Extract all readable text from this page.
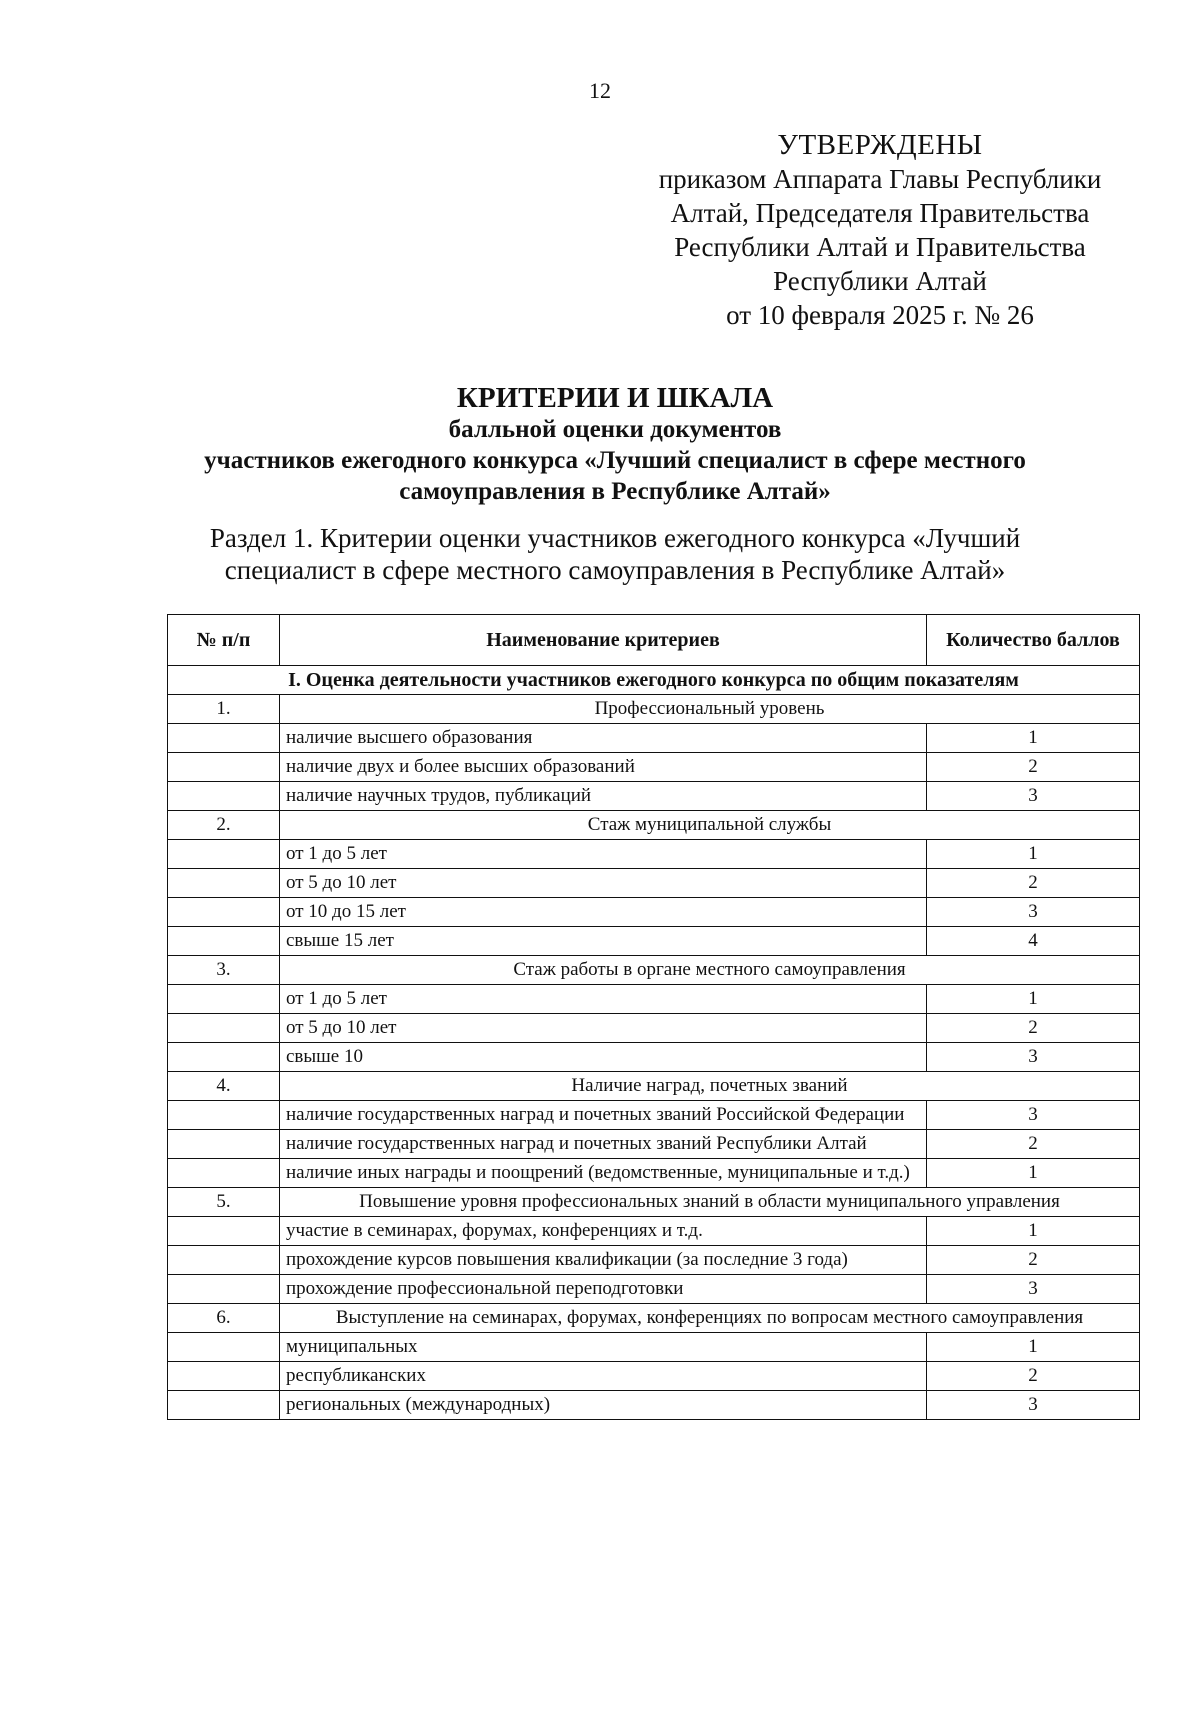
12
УТВЕРЖДЕНЫ
приказом Аппарата Главы Республики
Алтай, Председателя Правительства
Республики Алтай и Правительства
Республики Алтай
от 10 февраля 2025 г. № 26
КРИТЕРИИ И ШКАЛА
балльной оценки документов
участников ежегодного конкурса «Лучший специалист в сфере местного
самоуправления в Республике Алтай»
Раздел 1. Критерии оценки участников ежегодного конкурса «Лучший
специалист в сфере местного самоуправления в Республике Алтай»
№ п/п	Наименование критериев	Количество баллов
I. Оценка деятельности участников ежегодного конкурса по общим показателям		
1.	Профессиональный уровень	
	наличие высшего образования	1
	наличие двух и более высших образований	2
	наличие научных трудов, публикаций	3
2.	Стаж муниципальной службы	
	от 1 до 5 лет	1
	от 5 до 10 лет	2
	от 10 до 15 лет	3
	свыше 15 лет	4
3.	Стаж работы в органе местного самоуправления	
	от 1 до 5 лет	1
	от 5 до 10 лет	2
	свыше 10	3
4.	Наличие наград, почетных званий	
	наличие государственных наград и почетных званий Российской Федерации	3
	наличие государственных наград и почетных званий Республики Алтай	2
	наличие иных награды и поощрений (ведомственные, муниципальные и т.д.)	1
5.	Повышение уровня профессиональных знаний в области муниципального управления	
	участие в семинарах, форумах, конференциях и т.д.	1
	прохождение курсов повышения квалификации (за последние 3 года)	2
	прохождение профессиональной переподготовки	3
6.	Выступление на семинарах, форумах, конференциях по вопросам местного самоуправления	
	муниципальных	1
	республиканских	2
	региональных (международных)	3
